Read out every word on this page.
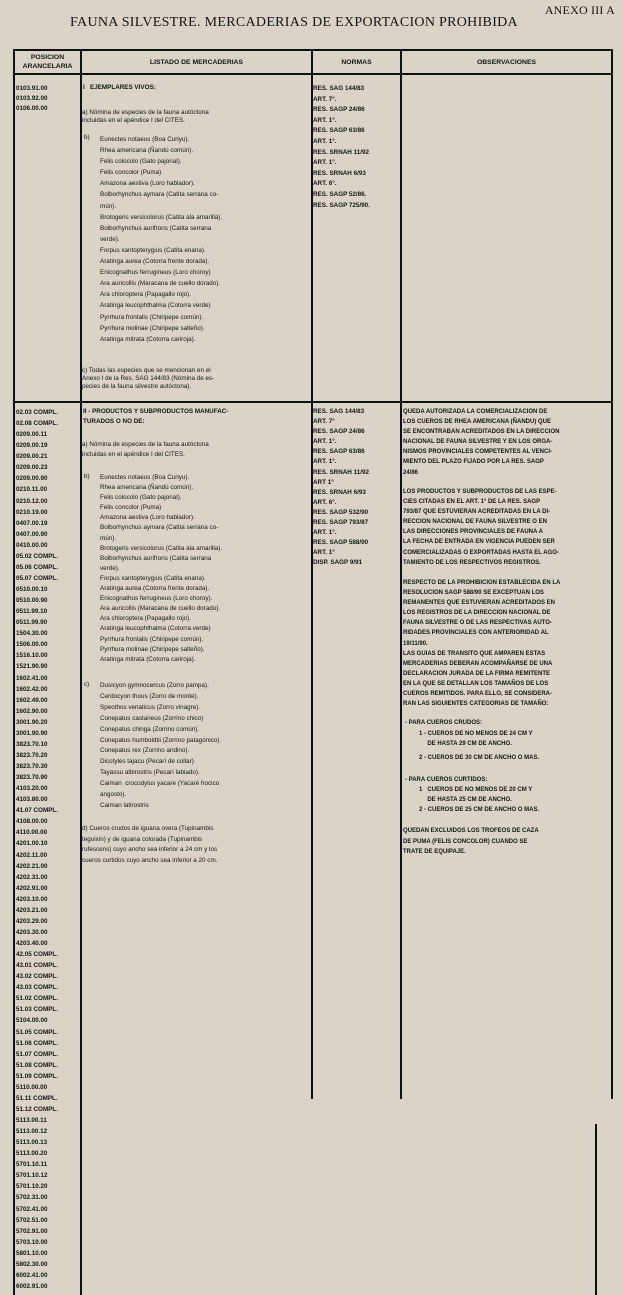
ANEXO III A
FAUNA SILVESTRE. MERCADERIAS DE EXPORTACION PROHIBIDA
POSICION
ARANCELARIA
LISTADO DE MERCADERIAS	NORMAS	OBSERVACIONES
0103.91.00
0103.92.00
0106.00.00
I   EJEMPLARES VIVOS:
a) Nómina de especies de la fauna autóctona
incluidas en el apéndice I del CITES.
b) Eunectes notaeus (Boa Curiyu).
Rhea americana (Ñandú común).
Felis colocolo (Gato pajonal).
Felis concolor (Puma)
Amazona aestiva (Loro hablador).
Bolborhynchus aymara (Catita serrana co-
mún).
Brotogeris versicolorus (Catita ala amarilla).
Bolborhynchus aurifrons (Catita serrana
verde).
Forpus xantopterygius (Catita enana).
Aratinga aurea (Cotorra frente dorada).
Enicognathus ferrugineus (Loro choroy)
Ara auricollis (Maracana de cuello dorado).
Ara chloroptera (Papagallo rojo).
Aratinga leucophthalma (Cotorra verde)
Pyrrhura frontalis (Chiripepe común).
Pyrrhura molinae (Chiripepe salteño).
Aratinga mitrata (Cotorra cariroja).
c) Todas las especies que se mencionan en el
Anexo I de la Res. SAG 144/83 (Nómina de es-
pecies de la fauna silvestre autóctona).
RES. SAG 144/83
ART. 7°.
RES. SAGP 24/86
ART. 1°.
RES. SAGP 63/86
ART. 1°.
RES. SRNAH 11/92
ART. 1°.
RES. SRNAH 6/93
ART. 6°.
RES. SAGP 52/86.
RES. SAGP 725/90.
02.03 COMPL.
02.08 COMPL.
0209.00.11
0209.00.19
0209.00.21
0209.00.23
0209.00.90
0210.11.00
0210.12.00
0210.19.00
0407.00.19
0407.00.90
0410.00.00
05.02 COMPL.
05.06 COMPL.
05.07 COMPL.
0510.00.10
0510.00.90
0511.99.10
0511.99.90
1504.30.00
1506.00.00
1516.10.00
1521.90.90
1602.41.00
1602.42.00
1602.49.00
1602.90.00
3001.90.20
3001.90.90
3823.70.10
3823.70.20
3823.70.30
3823.70.90
4103.20.00
4103.80.00
41.07 COMPL.
4108.00.00
4110.00.00
4201.00.10
4202.11.00
4202.21.00
4202.31.00
4202.91.00
4203.10.00
4203.21.00
4203.29.00
4203.30.00
4203.40.00
42.05 COMPL.
43.01 COMPL.
43.02 COMPL.
43.03 COMPL.
51.02 COMPL.
51.03 COMPL.
5104.00.00
51.05 COMPL.
51.06 COMPL.
51.07 COMPL.
51.08 COMPL.
51.09 COMPL.
5110.00.00
51.11 COMPL.
51.12 COMPL.
5113.00.11
5113.00.12
5113.00.13
5113.00.20
5701.10.11
5701.10.12
5701.10.20
5702.31.00
5702.41.00
5702.51.00
5702.91.00
5703.10.00
5801.10.00
5802.30.00
6002.41.00
6002.91.00
II - PRODUCTOS Y SUBPRODUCTOS MANUFAC-
TURADOS O NO DE:
a) Nómina de especies de la fauna autóctona
incluidas en el apéndice I del CITES.
b) Eunectes notaeus (Boa Curiyu).
Rhea americana (Ñandú común).
Felis colocolo (Gato pajonal).
Felis concolor (Puma)
Amazona aestiva (Loro hablador).
Bolborhynchus aymara (Catita serrana co-
mún).
Brotogeris versicolorus (Catita ala amarilla).
Bolborhynchus aurifrons (Catita serrana
verde).
Forpus xantopterygius (Catita enana).
Aratinga aurea (Cotorra frente dorada).
Enicognathus ferrugineus (Loro choroy).
Ara auricollis (Maracana de cuello dorado).
Ara chloroptera (Papagallo rojo).
Aratinga leucophthalma (Cotorra verde)
Pyrrhura frontalis (Chiripepe común).
Pyrrhura molinae (Chiripepe salteño).
Aratinga mitrata (Cotorra cariroja).
c) Dusicyon gymnocercus (Zorro pampa).
Cerdocyon thous (Zorro de monte).
Speothos venaticus (Zorro vinagre).
Conepatus castaneus (Zorrino chico)
Conepatus chinga (Zorrino común).
Conepatus humboldtii (Zorrino patagónico).
Conepatus rex (Zorrino andino).
Dicotyles tajacu (Pecarí de collar)
Tayassu albirostris (Pecarí labiado).
Caiman  crocodylus yacare (Yacaré hocico
angosto).
Caiman latirostris
d) Cueros crudos de iguana overa (Tupinambis
teguixin) y de iguana colorada (Tupinambis
rufescens) cuyo ancho sea inferior a 24 cm y los
cueros curtidos cuyo ancho sea inferior a 20 cm.
RES. SAG 144/83
ART. 7°
RES. SAGP 24/86
ART. 1°.
RES. SAGP 63/86
ART. 1°.
RES. SRNAH 11/92
ART 1°
RES. SRNAH 6/93
ART. 6°.
RES. SAGP 532/90
RES. SAGP 793/87
ART. 1°.
RES. SAGP 588/90
ART. 1°
DISP. SAGP 9/91
QUEDA AUTORIZADA LA COMERCIALIZACION DE
LOS CUEROS DE RHEA AMERICANA (ÑANDU) QUE
SE ENCONTRABAN ACREDITADOS EN LA DIRECCION
NACIONAL DE FAUNA SILVESTRE Y EN LOS ORGA-
NISMOS PROVINCIALES COMPETENTES AL VENCI-
MIENTO DEL PLAZO FIJADO POR LA RES. SAGP
24/86
LOS PRODUCTOS Y SUBPRODUCTOS DE LAS ESPE-
CIES CITADAS EN EL ART. 1° DE LA RES. SAGP
793/87 QUE ESTUVIERAN ACREDITADAS EN LA DI-
RECCION NACIONAL DE FAUNA SILVESTRE O EN
LAS DIRECCIONES PROVINCIALES DE FAUNA A
LA FECHA DE ENTRADA EN VIGENCIA PUEDEN SER
COMERCIALIZADAS O EXPORTADAS HASTA EL AGO-
TAMIENTO DE LOS RESPECTIVOS REGISTROS.
RESPECTO DE LA PROHIBICION ESTABLECIDA EN LA
RESOLUCION SAGP 588/90 SE EXCEPTUAN LOS
REMANENTES QUE ESTUVIERAN ACREDITADOS EN
LOS REGISTROS DE LA DIRECCION NACIONAL DE
FAUNA SILVESTRE O DE LAS RESPECTIVAS AUTO-
RIDADES PROVINCIALES CON ANTERIORIDAD AL
19/11/90.
LAS GUIAS DE TRANSITO QUE AMPAREN ESTAS
MERCADERIAS DEBERAN ACOMPAÑARSE DE UNA
DECLARACION JURADA DE LA FIRMA REMITENTE
EN LA QUE SE DETALLAN LOS TAMAÑOS DE LOS
CUEROS REMITIDOS. PARA ELLO, SE CONSIDERA-
RAN LAS SIGUIENTES CATEGORIAS DE TAMAÑO:
- PARA CUEROS CRUDOS:
1 - CUEROS DE NO MENOS DE 24 CM Y
DE HASTA 29 CM DE ANCHO.
2 - CUEROS DE 30 CM DE ANCHO O MAS.
- PARA CUEROS CURTIDOS:
1   CUEROS DE NO MENOS DE 20 CM Y
DE HASTA 25 CM DE ANCHO.
2 - CUEROS DE 25 CM DE ANCHO O MAS.
QUEDAN EXCLUIDOS LOS TROFEOS DE CAZA
DE PUMA (FELIS CONCOLOR) CUANDO SE
TRATE DE EQUIPAJE.
